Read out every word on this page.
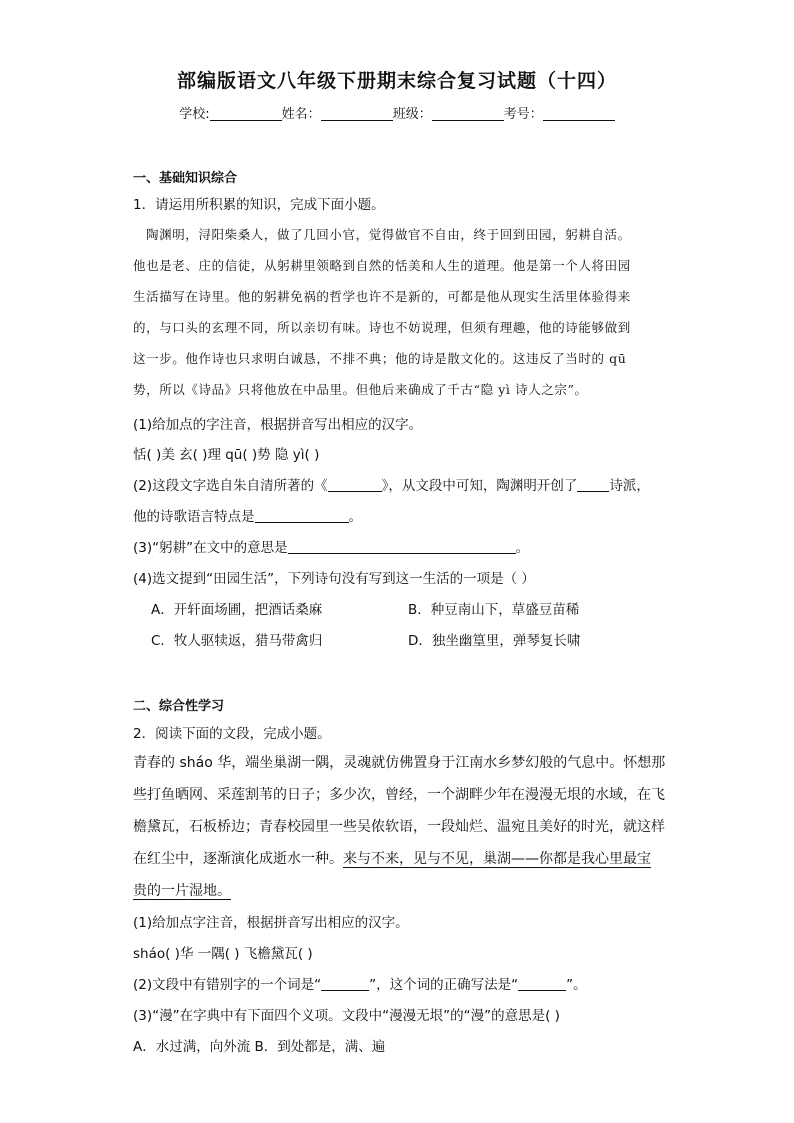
部编版语文八年级下册期末综合复习试题（十四）
学校:	姓名：	班级：	考号：
一、基础知识综合
1．请运用所积累的知识，完成下面小题。
陶渊明，浔阳柴桑人，做了几回小官，觉得做官不自由，终于回到田园，躬耕自活。
他也是老、庄的信徒，从躬耕里领略到自然的恬美和人生的道理。他是第一个人将田园
生活描写在诗里。他的躬耕免祸的哲学也许不是新的，可都是他从现实生活里体验得来
的，与口头的玄理不同，所以亲切有味。诗也不妨说理，但须有理趣，他的诗能够做到
这一步。他作诗也只求明白诚恳，不排不典；他的诗是散文化的。这违反了当时的 qū
势，所以《诗品》只将他放在中品里。但他后来确成了千古“隐 yì 诗人之宗”。
(1)给加点的字注音，根据拼音写出相应的汉字。
恬( )美 玄( )理 qū( )势 隐 yì( )
(2)这段文字选自朱自清所著的《	》，从文段中可知，陶渊明开创了 诗派，
他的诗歌语言特点是	。
(3)“躬耕”在文中的意思是	。
(4)选文提到“田园生活”，下列诗句没有写到这一生活的一项是（ ）
A．开轩面场圃，把酒话桑麻	B．种豆南山下，草盛豆苗稀
C．牧人驱犊返，猎马带禽归	D．独坐幽篁里，弹琴复长啸
二、综合性学习
2．阅读下面的文段，完成小题。
青春的 sháo 华，端坐巢湖一隅，灵魂就仿佛置身于江南水乡梦幻般的气息中。怀想那
些打鱼晒网、采莲割苇的日子；多少次，曾经，一个湖畔少年在漫漫无垠的水域，在飞
檐黛瓦，石板桥边；青春校园里一些吴侬软语，一段灿烂、温宛且美好的时光，就这样
在红尘中，逐渐演化成逝水一种。来与不来，见与不见，巢湖——你都是我心里最宝
贵的一片湿地。
(1)给加点字注音，根据拼音写出相应的汉字。
sháo( )华 一隅( ) 飞檐黛瓦( )
(2)文段中有错别字的一个词是“	”，这个词的正确写法是“	”。
(3)“漫”在字典中有下面四个义项。文段中“漫漫无垠”的“漫”的意思是( )
A．水过满，向外流 B．到处都是，满、遍
